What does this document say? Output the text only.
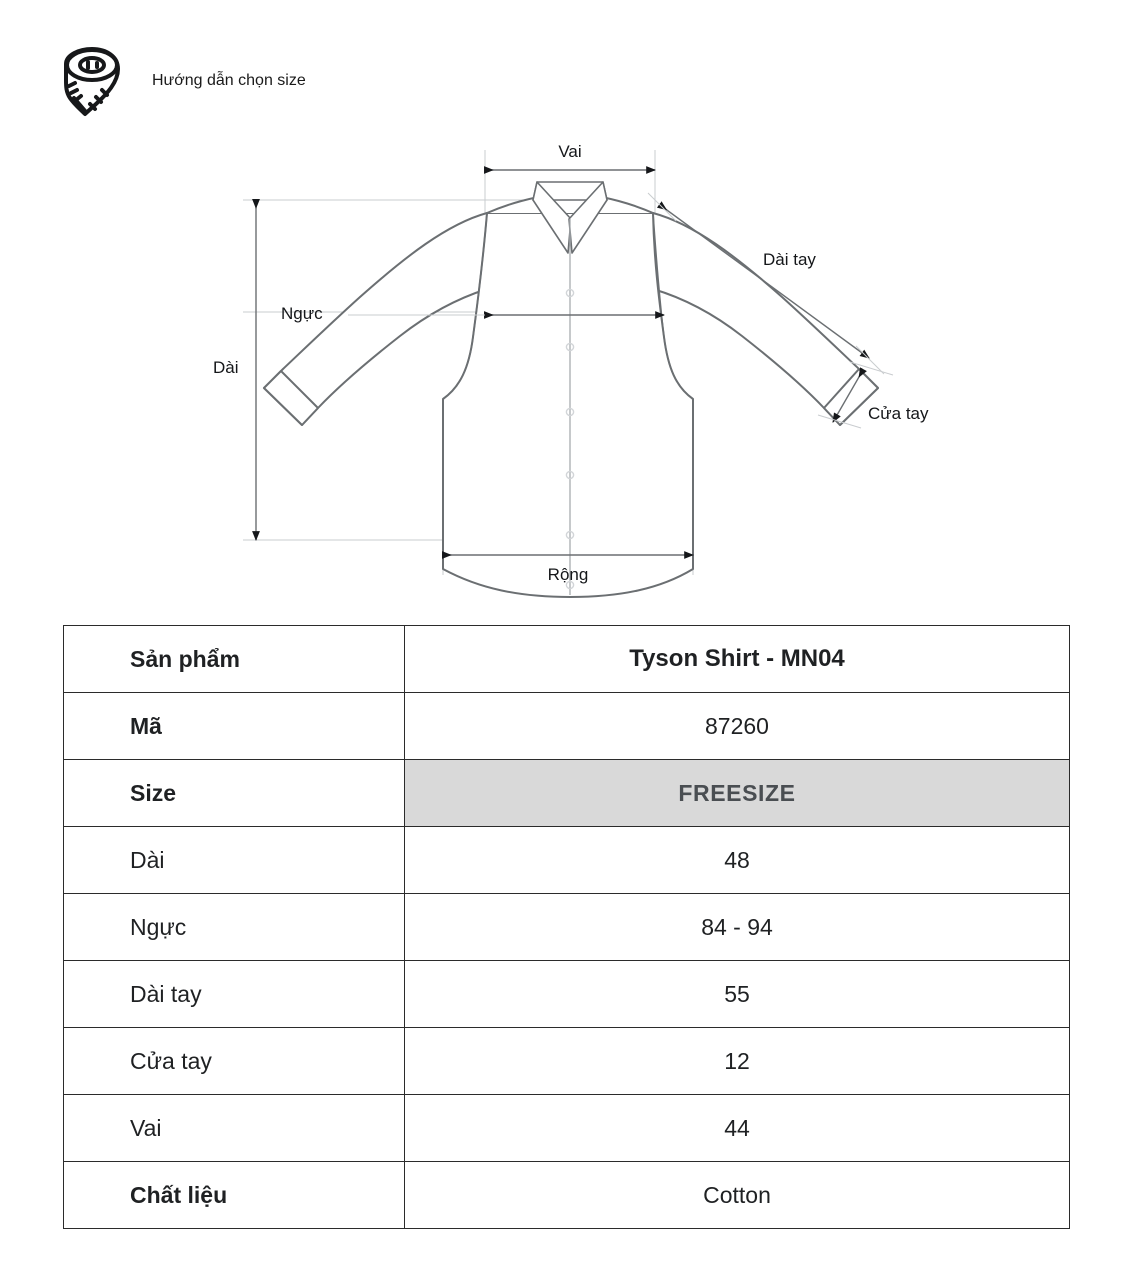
Hướng dẫn chọn size
Vai
Ngực
Dài
Dài tay
Cửa tay
Rộng
Sản phẩm	Tyson Shirt - MN04
Mã	87260
Size	FREESIZE
Dài	48
Ngực	84 - 94
Dài tay	55
Cửa tay	12
Vai	44
Chất liệu	Cotton
